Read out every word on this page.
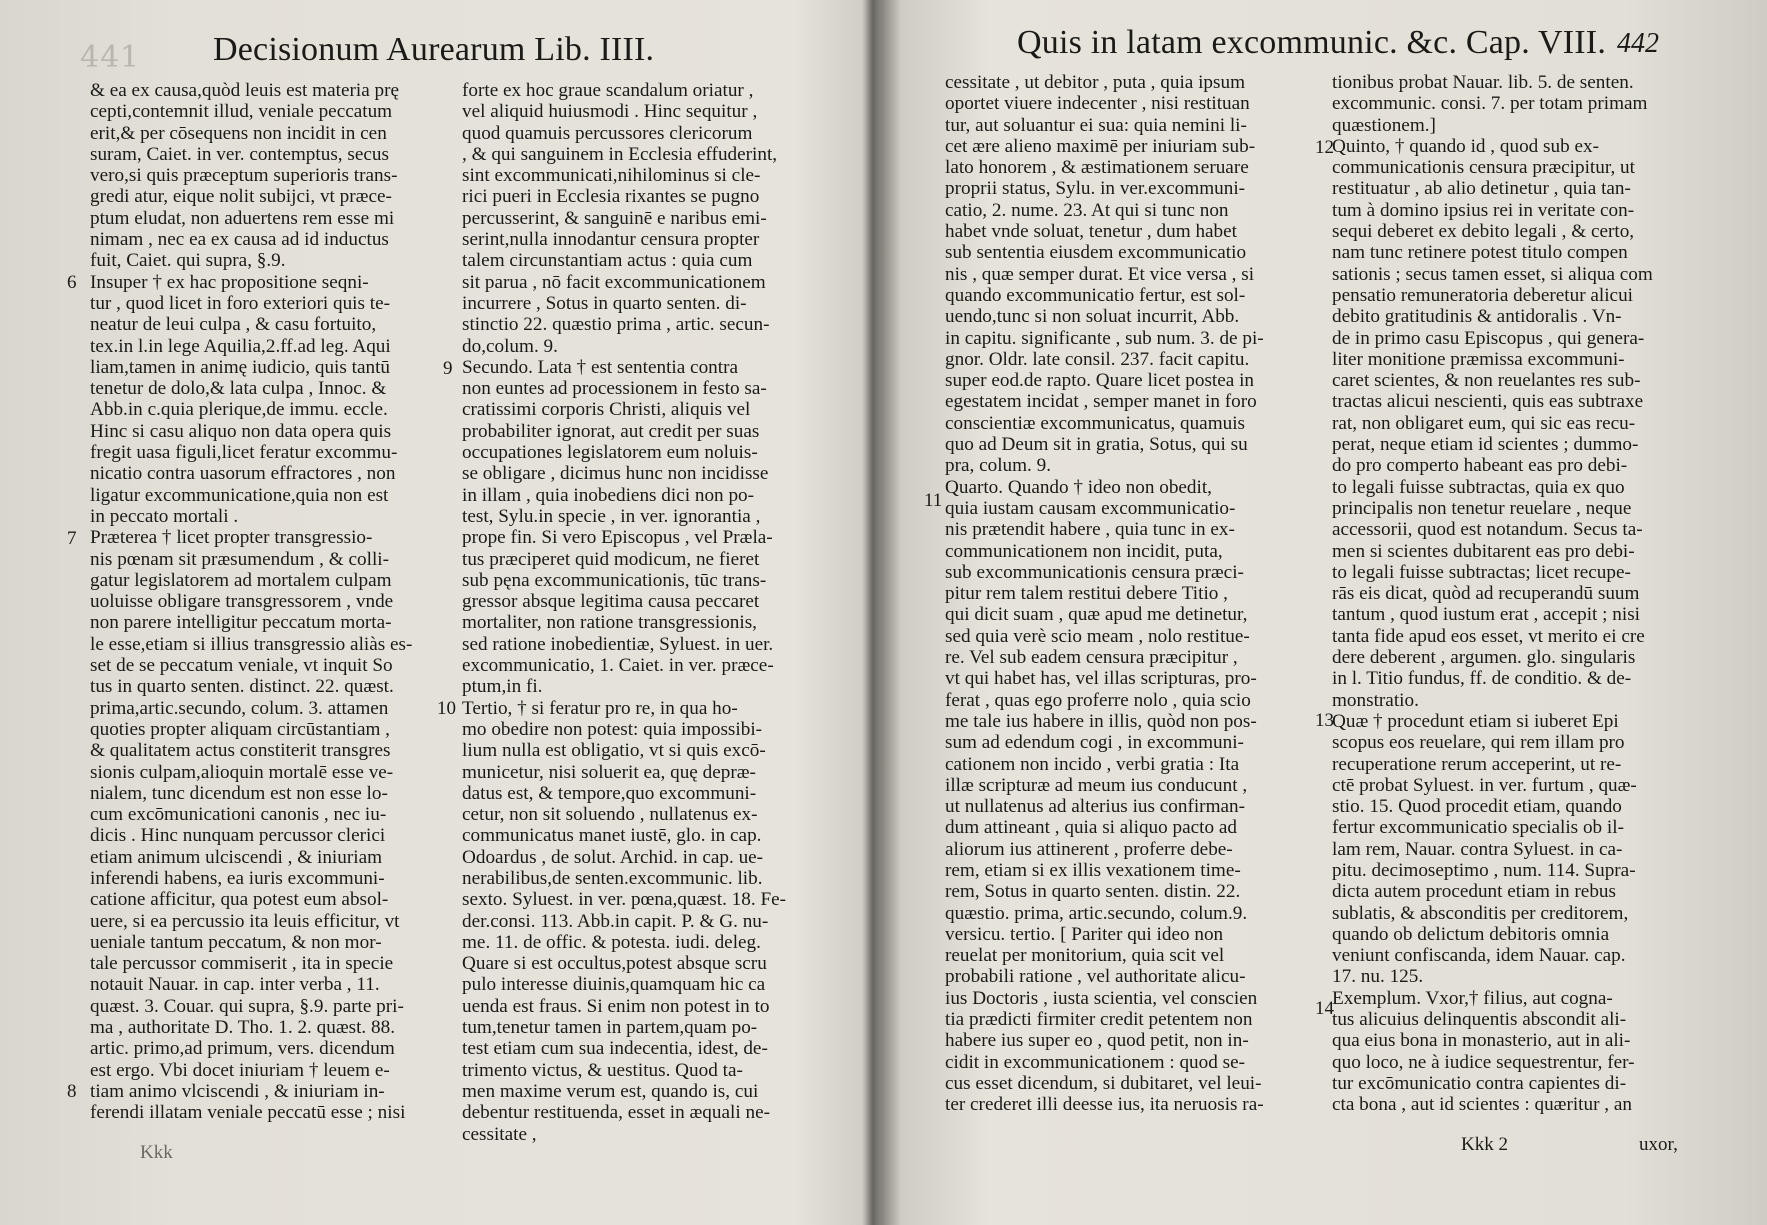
441 Decisionum Aurearum Lib. IIII.
& ea ex causa,quòd leuis est materia prę
cepti,contemnit illud, veniale peccatum
erit,& per cōsequens non incidit in cen
suram, Caiet. in ver. contemptus, secus
vero,si quis præceptum superioris trans-
gredi atur, eique nolit subijci, vt præce-
ptum eludat, non aduertens rem esse mi
nimam , nec ea ex causa ad id inductus
fuit, Caiet. qui supra, §.9.
Insuper † ex hac propositione seqni-
tur , quod licet in foro exteriori quis te-
neatur de leui culpa , & casu fortuito,
tex.in l.in lege Aquilia,2.ff.ad leg. Aqui
liam,tamen in animę iudicio, quis tantū
tenetur de dolo,& lata culpa , Innoc. &
Abb.in c.quia plerique,de immu. eccle.
Hinc si casu aliquo non data opera quis
fregit uasa figuli,licet feratur excommu-
nicatio contra uasorum effractores , non
ligatur excommunicatione,quia non est
in peccato mortali .
Præterea † licet propter transgressio-
nis pœnam sit præsumendum , & colli-
gatur legislatorem ad mortalem culpam
uoluisse obligare transgressorem , vnde
non parere intelligitur peccatum morta-
le esse,etiam si illius transgressio aliàs es-
set de se peccatum veniale, vt inquit So
tus in quarto senten. distinct. 22. quæst.
prima,artic.secundo, colum. 3. attamen
quoties propter aliquam circūstantiam ,
& qualitatem actus constiterit transgres
sionis culpam,alioquin mortalē esse ve-
nialem, tunc dicendum est non esse lo-
cum excōmunicationi canonis , nec iu-
dicis . Hinc nunquam percussor clerici
etiam animum ulciscendi , & iniuriam
inferendi habens, ea iuris excommuni-
catione afficitur, qua potest eum absol-
uere, si ea percussio ita leuis efficitur, vt
ueniale tantum peccatum, & non mor-
tale percussor commiserit , ita in specie
notauit Nauar. in cap. inter verba , 11.
quæst. 3. Couar. qui supra, §.9. parte pri-
ma , authoritate D. Tho. 1. 2. quæst. 88.
artic. primo,ad primum, vers. dicendum
est ergo. Vbi docet iniuriam † leuem e-
tiam animo vlciscendi , & iniuriam in-
ferendi illatam veniale peccatū esse ; nisi
forte ex hoc graue scandalum oriatur ,
vel aliquid huiusmodi . Hinc sequitur ,
quod quamuis percussores clericorum
, & qui sanguinem in Ecclesia effuderint,
sint excommunicati,nihilominus si cle-
rici pueri in Ecclesia rixantes se pugno
percusserint, & sanguinē e naribus emi-
serint,nulla innodantur censura propter
talem circunstantiam actus : quia cum
sit parua , nō facit excommunicationem
incurrere , Sotus in quarto senten. di-
stinctio 22. quæstio prima , artic. secun-
do,colum. 9.
Secundo. Lata † est sententia contra
non euntes ad processionem in festo sa-
cratissimi corporis Christi, aliquis vel
probabiliter ignorat, aut credit per suas
occupationes legislatorem eum noluis-
se obligare , dicimus hunc non incidisse
in illam , quia inobediens dici non po-
test, Sylu.in specie , in ver. ignorantia ,
prope fin. Si vero Episcopus , vel Præla-
tus præciperet quid modicum, ne fieret
sub pęna excommunicationis, tūc trans-
gressor absque legitima causa peccaret
mortaliter, non ratione transgressionis,
sed ratione inobedientiæ, Syluest. in uer.
excommunicatio, 1. Caiet. in ver. præce-
ptum,in fi.
Tertio, † si feratur pro re, in qua ho-
mo obedire non potest: quia impossibi-
lium nulla est obligatio, vt si quis excō-
municetur, nisi soluerit ea, quę depræ-
datus est, & tempore,quo excommuni-
cetur, non sit soluendo , nullatenus ex-
communicatus manet iustē, glo. in cap.
Odoardus , de solut. Archid. in cap. ue-
nerabilibus,de senten.excommunic. lib.
sexto. Syluest. in ver. pœna,quæst. 18. Fe-
der.consi. 113. Abb.in capit. P. & G. nu-
me. 11. de offic. & potesta. iudi. deleg.
Quare si est occultus,potest absque scru
pulo interesse diuinis,quamquam hic ca
uenda est fraus. Si enim non potest in to
tum,tenetur tamen in partem,quam po-
test etiam cum sua indecentia, idest, de-
trimento victus, & uestitus. Quod ta-
men maxime verum est, quando is, cui
debentur restituenda, esset in æquali ne-
cessitate ,
6
7
8
9
10
Kkk
Quis in latam excommunic. &c. Cap. VIII. 442
cessitate , ut debitor , puta , quia ipsum
oportet viuere indecenter , nisi restituan
tur, aut soluantur ei sua: quia nemini li-
cet ære alieno maximē per iniuriam sub-
lato honorem , & æstimationem seruare
proprii status, Sylu. in ver.excommuni-
catio, 2. nume. 23. At qui si tunc non
habet vnde soluat, tenetur , dum habet
sub sententia eiusdem excommunicatio
nis , quæ semper durat. Et vice versa , si
quando excommunicatio fertur, est sol-
uendo,tunc si non soluat incurrit, Abb.
in capitu. significante , sub num. 3. de pi-
gnor. Oldr. late consil. 237. facit capitu.
super eod.de rapto. Quare licet postea in
egestatem incidat , semper manet in foro
conscientiæ excommunicatus, quamuis
quo ad Deum sit in gratia, Sotus, qui su
pra, colum. 9.
Quarto. Quando † ideo non obedit,
quia iustam causam excommunicatio-
nis prætendit habere , quia tunc in ex-
communicationem non incidit, puta,
sub excommunicationis censura præci-
pitur rem talem restitui debere Titio ,
qui dicit suam , quæ apud me detinetur,
sed quia verè scio meam , nolo restitue-
re. Vel sub eadem censura præcipitur ,
vt qui habet has, vel illas scripturas, pro-
ferat , quas ego proferre nolo , quia scio
me tale ius habere in illis, quòd non pos-
sum ad edendum cogi , in excommuni-
cationem non incido , verbi gratia : Ita
illæ scripturæ ad meum ius conducunt ,
ut nullatenus ad alterius ius confirman-
dum attineant , quia si aliquo pacto ad
aliorum ius attinerent , proferre debe-
rem, etiam si ex illis vexationem time-
rem, Sotus in quarto senten. distin. 22.
quæstio. prima, artic.secundo, colum.9.
versicu. tertio. [ Pariter qui ideo non
reuelat per monitorium, quia scit vel
probabili ratione , vel authoritate alicu-
ius Doctoris , iusta scientia, vel conscien
tia prædicti firmiter credit petentem non
habere ius super eo , quod petit, non in-
cidit in excommunicationem : quod se-
cus esset dicendum, si dubitaret, vel leui-
ter crederet illi deesse ius, ita neruosis ra-
tionibus probat Nauar. lib. 5. de senten.
excommunic. consi. 7. per totam primam
quæstionem.]
Quinto, † quando id , quod sub ex-
communicationis censura præcipitur, ut
restituatur , ab alio detinetur , quia tan-
tum à domino ipsius rei in veritate con-
sequi deberet ex debito legali , & certo,
nam tunc retinere potest titulo compen
sationis ; secus tamen esset, si aliqua com
pensatio remuneratoria deberetur alicui
debito gratitudinis & antidoralis . Vn-
de in primo casu Episcopus , qui genera-
liter monitione præmissa excommuni-
caret scientes, & non reuelantes res sub-
tractas alicui nescienti, quis eas subtraxe
rat, non obligaret eum, qui sic eas recu-
perat, neque etiam id scientes ; dummo-
do pro comperto habeant eas pro debi-
to legali fuisse subtractas, quia ex quo
principalis non tenetur reuelare , neque
accessorii, quod est notandum. Secus ta-
men si scientes dubitarent eas pro debi-
to legali fuisse subtractas; licet recupe-
rās eis dicat, quòd ad recuperandū suum
tantum , quod iustum erat , accepit ; nisi
tanta fide apud eos esset, vt merito ei cre
dere deberent , argumen. glo. singularis
in l. Titio fundus, ff. de conditio. & de-
monstratio.
Quæ † procedunt etiam si iuberet Epi
scopus eos reuelare, qui rem illam pro
recuperatione rerum acceperint, ut re-
ctē probat Syluest. in ver. furtum , quæ-
stio. 15. Quod procedit etiam, quando
fertur excommunicatio specialis ob il-
lam rem, Nauar. contra Syluest. in ca-
pitu. decimoseptimo , num. 114. Supra-
dicta autem procedunt etiam in rebus
sublatis, & absconditis per creditorem,
quando ob delictum debitoris omnia
veniunt confiscanda, idem Nauar. cap.
17. nu. 125.
Exemplum. Vxor,† filius, aut cogna-
tus alicuius delinquentis abscondit ali-
qua eius bona in monasterio, aut in ali-
quo loco, ne à iudice sequestrentur, fer-
tur excōmunicatio contra capientes di-
cta bona , aut id scientes : quæritur , an
11
12
13
14
Kkk 2	uxor,
